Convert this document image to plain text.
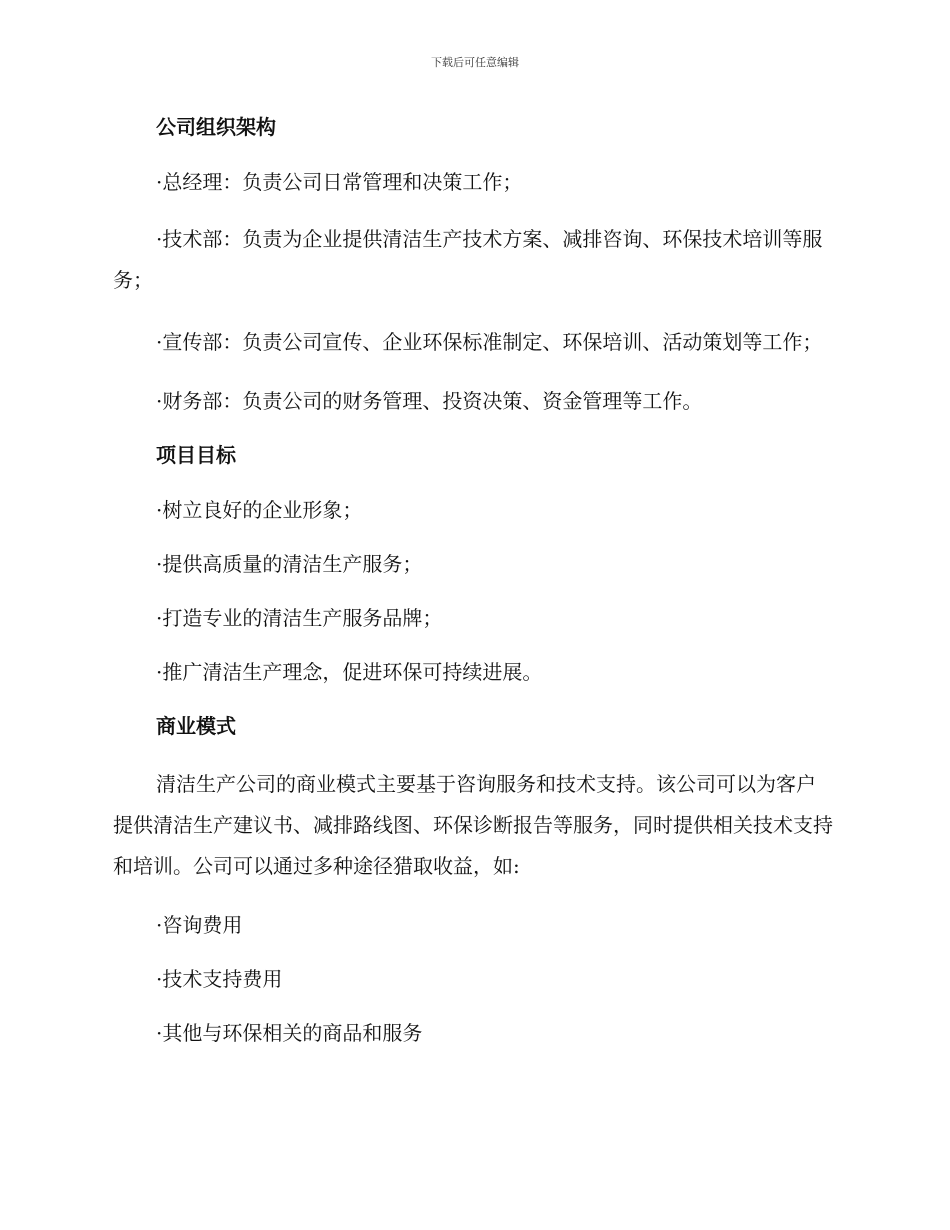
下载后可任意编辑
公司组织架构

·总经理：负责公司日常管理和决策工作；

·技术部：负责为企业提供清洁生产技术方案、减排咨询、环保技术培训等服务；

·宣传部：负责公司宣传、企业环保标准制定、环保培训、活动策划等工作；

·财务部：负责公司的财务管理、投资决策、资金管理等工作。

项目目标

·树立良好的企业形象；

·提供高质量的清洁生产服务；

·打造专业的清洁生产服务品牌；

·推广清洁生产理念，促进环保可持续进展。

商业模式

清洁生产公司的商业模式主要基于咨询服务和技术支持。该公司可以为客户提供清洁生产建议书、减排路线图、环保诊断报告等服务，同时提供相关技术支持和培训。公司可以通过多种途径猎取收益，如:

·咨询费用

·技术支持费用

·其他与环保相关的商品和服务
